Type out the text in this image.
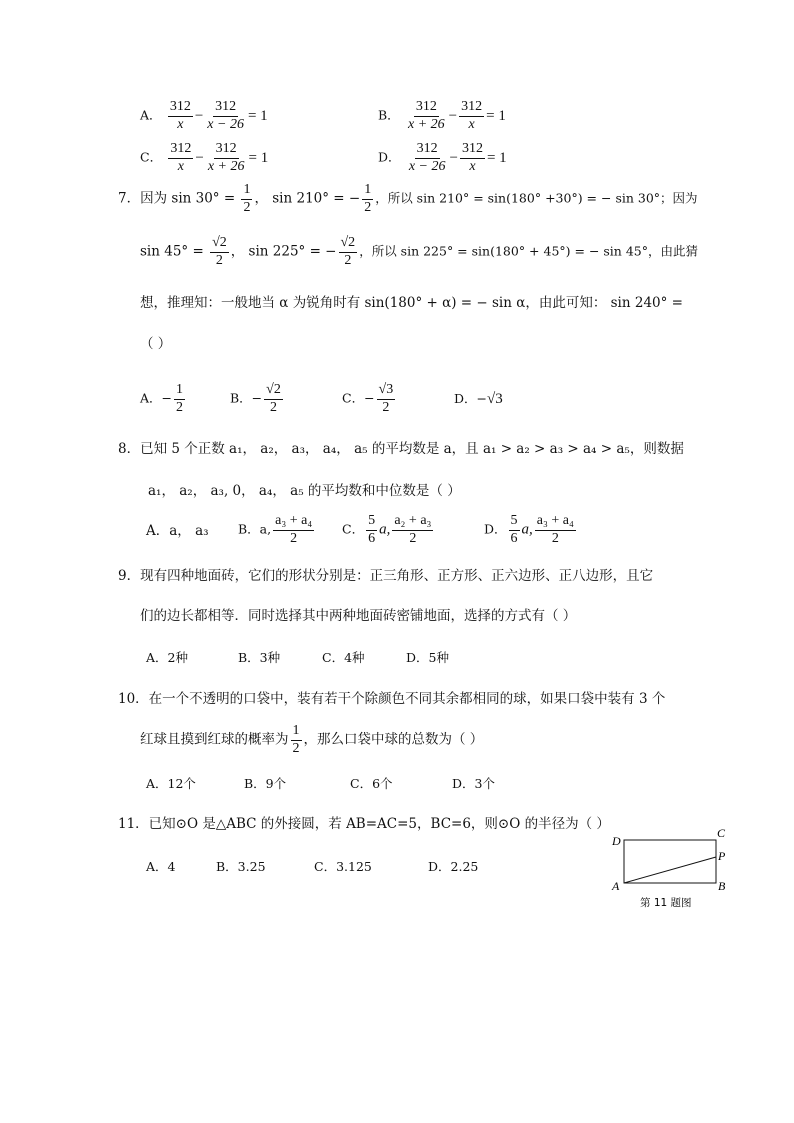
A． $\frac{312}{x} - \frac{312}{x - 26} = 1$	B． $\frac{312}{x + 26} - \frac{312}{x} = 1$
C． $\frac{312}{x} - \frac{312}{x + 26} = 1$	D． $\frac{312}{x - 26} - \frac{312}{x} = 1$
7．因为 $\sin 30^\circ = \frac{1}{2}$ ， sin 210° = − $\frac{1}{2}$ ，所以 sin 210° = sin(180° +30°) = − sin 30°；因为
$\sin 45^\circ = \frac{√2}{2}$ ， sin 225° = − $\frac{√2}{2}$ ，所以 sin 225° = sin(180° + 45°) = − sin 45°，由此猜
想，推理知：一般地当 α 为锐角时有 sin(180° + α) = − sin α，由此可知： sin 240° =
（ ）
A．− $\frac{1}{2}$	B．− $\frac{√2}{2}$	C．− $\frac{√3}{2}$	D．−√3
8．已知 5 个正数 a₁， a₂， a₃， a₄， a₅ 的平均数是 a，且 a₁ > a₂ > a₃ > a₄ > a₅，则数据
a₁， a₂， a₃, 0， a₄， a₅ 的平均数和中位数是（ ）
A．a， a₃ B．a, $\frac{\text{a₃ + a₄}}{2}$ C． $\frac{5}{6} a$, $\frac{\text{a₂ + a₃}}{2}$	D． $\frac{5}{6} a$, $\frac{\text{a₃ + a₄}}{2}$
9．现有四种地面砖，它们的形状分别是：正三角形、正方形、正六边形、正八边形，且它
们的边长都相等．同时选择其中两种地面砖密铺地面，选择的方式有（ ）
A．2种	B．3种	C．4种	D．5种
10．在一个不透明的口袋中，装有若干个除颜色不同其余都相同的球，如果口袋中装有 3 个
红球且摸到红球的概率为 $\frac{1}{2}$ ，那么口袋中球的总数为（ ）
A．12个	B．9个	C．6个	D．3个
11．已知⊙O 是△ABC 的外接圆，若 AB=AC=5，BC=6，则⊙O 的半径为（ ）
A．4	B．3.25	C．3.125	D．2.25
D
C
P
A	B
第 11 题图
